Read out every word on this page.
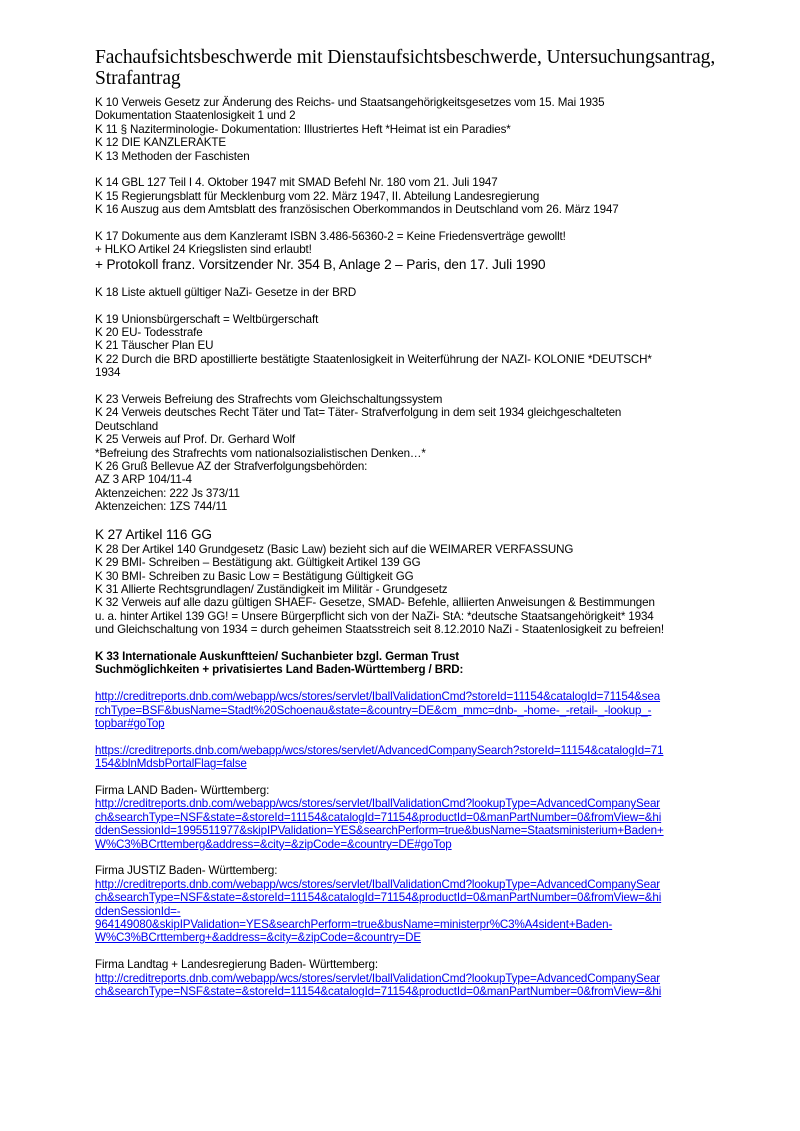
Fachaufsichtsbeschwerde mit Dienstaufsichtsbeschwerde, Untersuchungsantrag, Strafantrag
K 10 Verweis Gesetz zur Änderung des Reichs- und Staatsangehörigkeitsgesetzes vom 15. Mai 1935
Dokumentation Staatenlosigkeit 1 und 2
K 11 § Naziterminologie- Dokumentation: Illustriertes Heft *Heimat ist ein Paradies*
K 12 DIE KANZLERAKTE
K 13 Methoden der Faschisten
K 14 GBL 127 Teil I 4. Oktober 1947 mit SMAD Befehl Nr. 180 vom 21. Juli 1947
K 15 Regierungsblatt für Mecklenburg vom 22. März 1947, II. Abteilung Landesregierung
K 16 Auszug aus dem Amtsblatt des französischen Oberkommandos in Deutschland vom 26. März 1947
K 17 Dokumente aus dem Kanzleramt ISBN 3.486-56360-2 = Keine Friedensverträge gewollt!
+ HLKO Artikel 24 Kriegslisten sind erlaubt!
+ Protokoll franz. Vorsitzender Nr. 354 B, Anlage 2 – Paris, den 17. Juli 1990
K 18 Liste aktuell gültiger NaZi- Gesetze in der BRD
K 19 Unionsbürgerschaft = Weltbürgerschaft
K 20 EU- Todesstrafe
K 21 Täuscher Plan EU
K 22 Durch die BRD apostillierte bestätigte Staatenlosigkeit in Weiterführung der NAZI- KOLONIE *DEUTSCH*
1934
K 23 Verweis Befreiung des Strafrechts vom Gleichschaltungssystem
K 24 Verweis deutsches Recht Täter und Tat= Täter- Strafverfolgung in dem seit 1934 gleichgeschalteten
Deutschland
K 25 Verweis auf Prof. Dr. Gerhard Wolf
*Befreiung des Strafrechts vom nationalsozialistischen Denken…*
K 26 Gruß Bellevue AZ der Strafverfolgungsbehörden:
AZ 3 ARP 104/11-4
Aktenzeichen: 222 Js 373/11
Aktenzeichen: 1ZS 744/11
K 27 Artikel 116 GG
K 28 Der Artikel 140 Grundgesetz (Basic Law) bezieht sich auf die WEIMARER VERFASSUNG
K 29 BMI- Schreiben – Bestätigung akt. Gültigkeit Artikel 139 GG
K 30 BMI- Schreiben zu Basic Low = Bestätigung Gültigkeit GG
K 31 Allierte Rechtsgrundlagen/ Zuständigkeit im Militär - Grundgesetz
K 32 Verweis auf alle dazu gültigen SHAEF- Gesetze, SMAD- Befehle, alliierten Anweisungen & Bestimmungen
u. a. hinter Artikel 139 GG! = Unsere Bürgerpflicht sich von der NaZi- StA: *deutsche Staatsangehörigkeit* 1934
und Gleichschaltung von 1934 = durch geheimen Staatsstreich seit 8.12.2010 NaZi - Staatenlosigkeit zu befreien!
K 33 Internationale Auskunftteien/ Suchanbieter bzgl. German Trust
Suchmöglichkeiten + privatisiertes Land Baden-Württemberg / BRD:
http://creditreports.dnb.com/webapp/wcs/stores/servlet/IballValidationCmd?storeId=11154&catalogId=71154&sea
rchType=BSF&busName=Stadt%20Schoenau&state=&country=DE&cm_mmc=dnb-_-home-_-retail-_-lookup_-
topbar#goTop
https://creditreports.dnb.com/webapp/wcs/stores/servlet/AdvancedCompanySearch?storeId=11154&catalogId=71
154&blnMdsbPortalFlag=false
Firma LAND Baden- Württemberg:
http://creditreports.dnb.com/webapp/wcs/stores/servlet/IballValidationCmd?lookupType=AdvancedCompanySear
ch&searchType=NSF&state=&storeId=11154&catalogId=71154&productId=0&manPartNumber=0&fromView=&hi
ddenSessionId=1995511977&skipIPValidation=YES&searchPerform=true&busName=Staatsministerium+Baden+
W%C3%BCrttemberg&address=&city=&zipCode=&country=DE#goTop
Firma JUSTIZ Baden- Württemberg:
http://creditreports.dnb.com/webapp/wcs/stores/servlet/IballValidationCmd?lookupType=AdvancedCompanySear
ch&searchType=NSF&state=&storeId=11154&catalogId=71154&productId=0&manPartNumber=0&fromView=&hi
ddenSessionId=-
964149080&skipIPValidation=YES&searchPerform=true&busName=ministerpr%C3%A4sident+Baden-
W%C3%BCrttemberg+&address=&city=&zipCode=&country=DE
Firma Landtag + Landesregierung Baden- Württemberg:
http://creditreports.dnb.com/webapp/wcs/stores/servlet/IballValidationCmd?lookupType=AdvancedCompanySear
ch&searchType=NSF&state=&storeId=11154&catalogId=71154&productId=0&manPartNumber=0&fromView=&hi
